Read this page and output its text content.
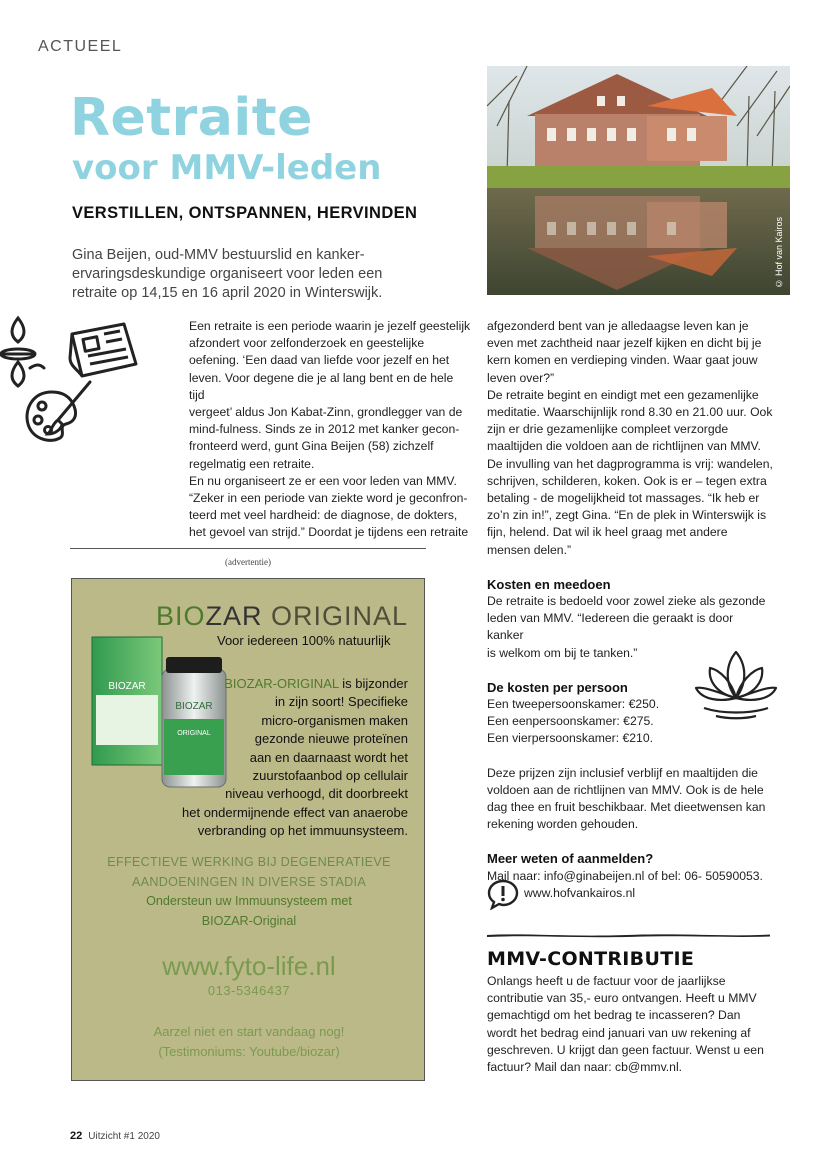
ACTUEEL
Retraite
voor MMV-leden
VERSTILLEN, ONTSPANNEN, HERVINDEN
Gina Beijen, oud-MMV bestuurslid en kanker-
ervaringsdeskundige organiseert voor leden een
retraite op 14,15 en 16 april 2020 in Winterswijk.
© Hof van Kairos

Een retraite is een periode waarin je jezelf geestelijk

afzondert voor zelfonderzoek en geestelijke

oefening. ‘Een daad van liefde voor jezelf en het

leven. Voor degene die je al lang bent en de hele tijd

vergeet’ aldus Jon Kabat-Zinn, grondlegger van de

mind-fulness. Sinds ze in 2012 met kanker gecon-

fronteerd werd, gunt Gina Beijen (58) zichzelf

regelmatig een retraite.

En nu organiseert ze er een voor leden van MMV.

“Zeker in een periode van ziekte word je geconfron-

teerd met veel hardheid: de diagnose, de dokters,

het gevoel van strijd.” Doordat je tijdens een retraite

afgezonderd bent van je alledaagse leven kan je

even met zachtheid naar jezelf kijken en dicht bij je

kern komen en verdieping vinden. Waar gaat jouw

leven over?”

De retraite begint en eindigt met een gezamenlijke

meditatie. Waarschijnlijk rond 8.30 en 21.00 uur. Ook

zijn er drie gezamenlijke compleet verzorgde

maaltijden die voldoen aan de richtlijnen van MMV.

De invulling van het dagprogramma is vrij: wandelen,

schrijven, schilderen, koken. Ook is er – tegen extra

betaling - de mogelijkheid tot massages. “Ik heb er

zo’n zin in!”, zegt Gina. “En de plek in Winterswijk is

fijn, helend. Dat wil ik heel graag met andere

mensen delen.”

Kosten en meedoen

De retraite is bedoeld voor zowel zieke als gezonde

leden van MMV. “Iedereen die geraakt is door kanker

is welkom om bij te tanken.”

De kosten per persoon

Een tweepersoonskamer: €250.

Een eenpersoonskamer: €275.

Een vierpersoonskamer: €210.

Deze prijzen zijn inclusief verblijf en maaltijden die

voldoen aan de richtlijnen van MMV. Ook is de hele

dag thee en fruit beschikbaar. Met dieetwensen kan

rekening worden gehouden.

Meer weten of aanmelden?

Mail naar: info@ginabeijen.nl of bel: 06- 50590053.

www.hofvankairos.nl
MMV-CONTRIBUTIE

Onlangs heeft u de factuur voor de jaarlijkse

contributie van 35,- euro ontvangen. Heeft u MMV

gemachtigd om het bedrag te incasseren? Dan

wordt het bedrag eind januari van uw rekening af

geschreven. U krijgt dan geen factuur. Wenst u een

factuur? Mail dan naar: cb@mmv.nl.

(advertentie)
BIOZAR ORIGINAL
Voor iedereen 100% natuurlijk
BIOZAR
BIOZAR
ORIGINAL
BIOZAR-ORIGINAL is bijzonder
in zijn soort! Specifieke
micro-organismen maken
gezonde nieuwe proteïnen
aan en daarnaast wordt het
zuurstofaanbod op cellulair
niveau verhoogd, dit doorbreekt
het ondermijnende effect van anaerobe
verbranding op het immuunsysteem.
EFFECTIEVE WERKING BIJ DEGENERATIEVE
AANDOENINGEN IN DIVERSE STADIA
Ondersteun uw Immuunsysteem met
BIOZAR-Original
www.fyto-life.nl
013-5346437
Aarzel niet en start vandaag nog!
(Testimoniums: Youtube/biozar)
22 Uitzicht #1 2020
